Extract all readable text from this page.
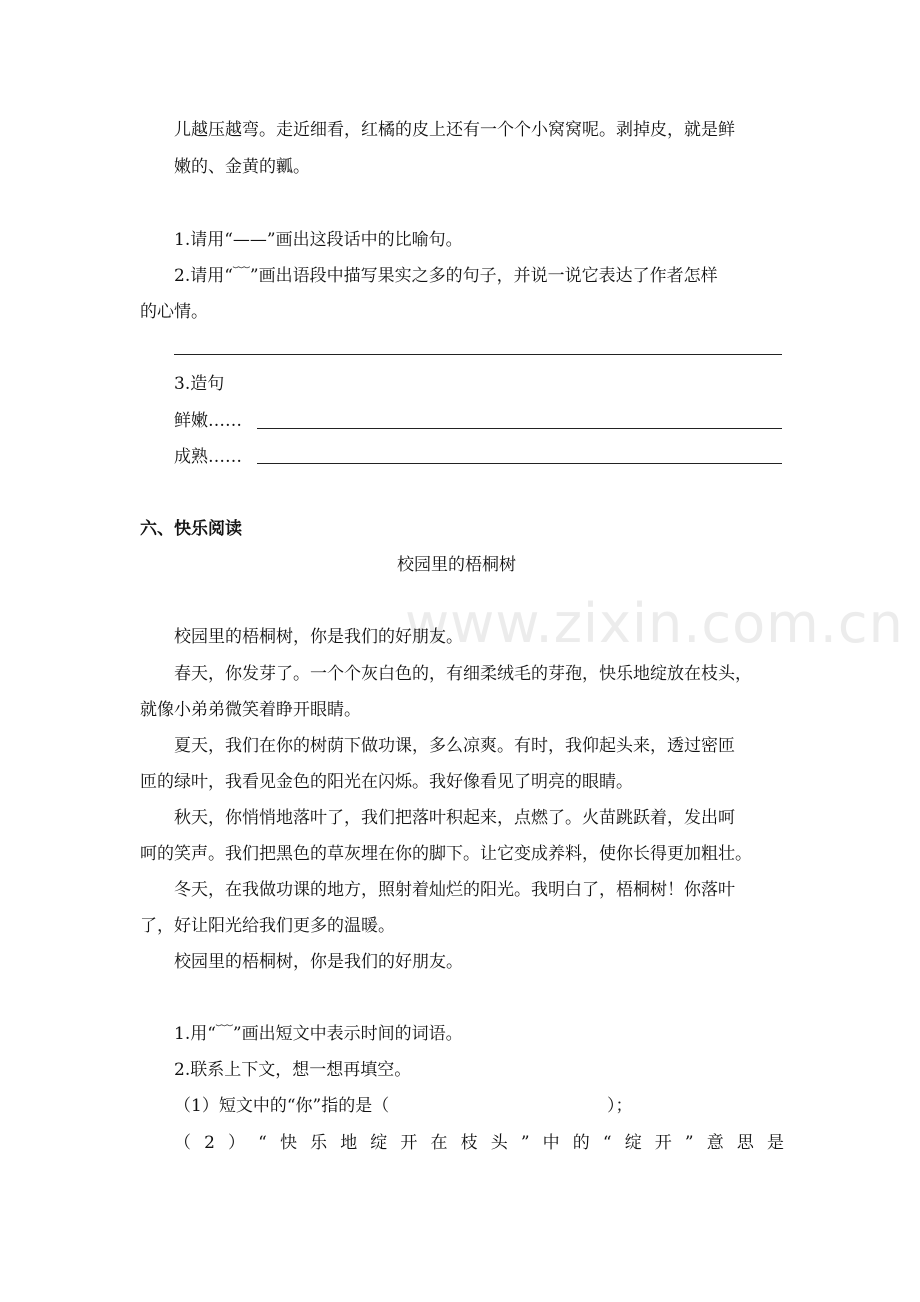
www.zixin.com.cn
儿越压越弯。走近细看，红橘的皮上还有一个个小窝窝呢。剥掉皮，就是鲜
嫩的、金黄的瓤。
1.请用“——”画出这段话中的比喻句。
2.请用“﹋”画出语段中描写果实之多的句子，并说一说它表达了作者怎样
的心情。
3.造句
鲜嫩……
成熟……
六、快乐阅读
校园里的梧桐树
校园里的梧桐树，你是我们的好朋友。
春天，你发芽了。一个个灰白色的，有细柔绒毛的芽孢，快乐地绽放在枝头，
就像小弟弟微笑着睁开眼睛。
夏天，我们在你的树荫下做功课，多么凉爽。有时，我仰起头来，透过密匝
匝的绿叶，我看见金色的阳光在闪烁。我好像看见了明亮的眼睛。
秋天，你悄悄地落叶了，我们把落叶积起来，点燃了。火苗跳跃着，发出呵
呵的笑声。我们把黑色的草灰埋在你的脚下。让它变成养料，使你长得更加粗壮。
冬天，在我做功课的地方，照射着灿烂的阳光。我明白了，梧桐树！你落叶
了，好让阳光给我们更多的温暖。
校园里的梧桐树，你是我们的好朋友。
1.用“﹋”画出短文中表示时间的词语。
2.联系上下文，想一想再填空。
（1）短文中的“你”指的是（	）；
（ 2 ） “ 快 乐 地 绽 开 在 枝 头 ” 中 的 “ 绽 开 ” 意 思 是
